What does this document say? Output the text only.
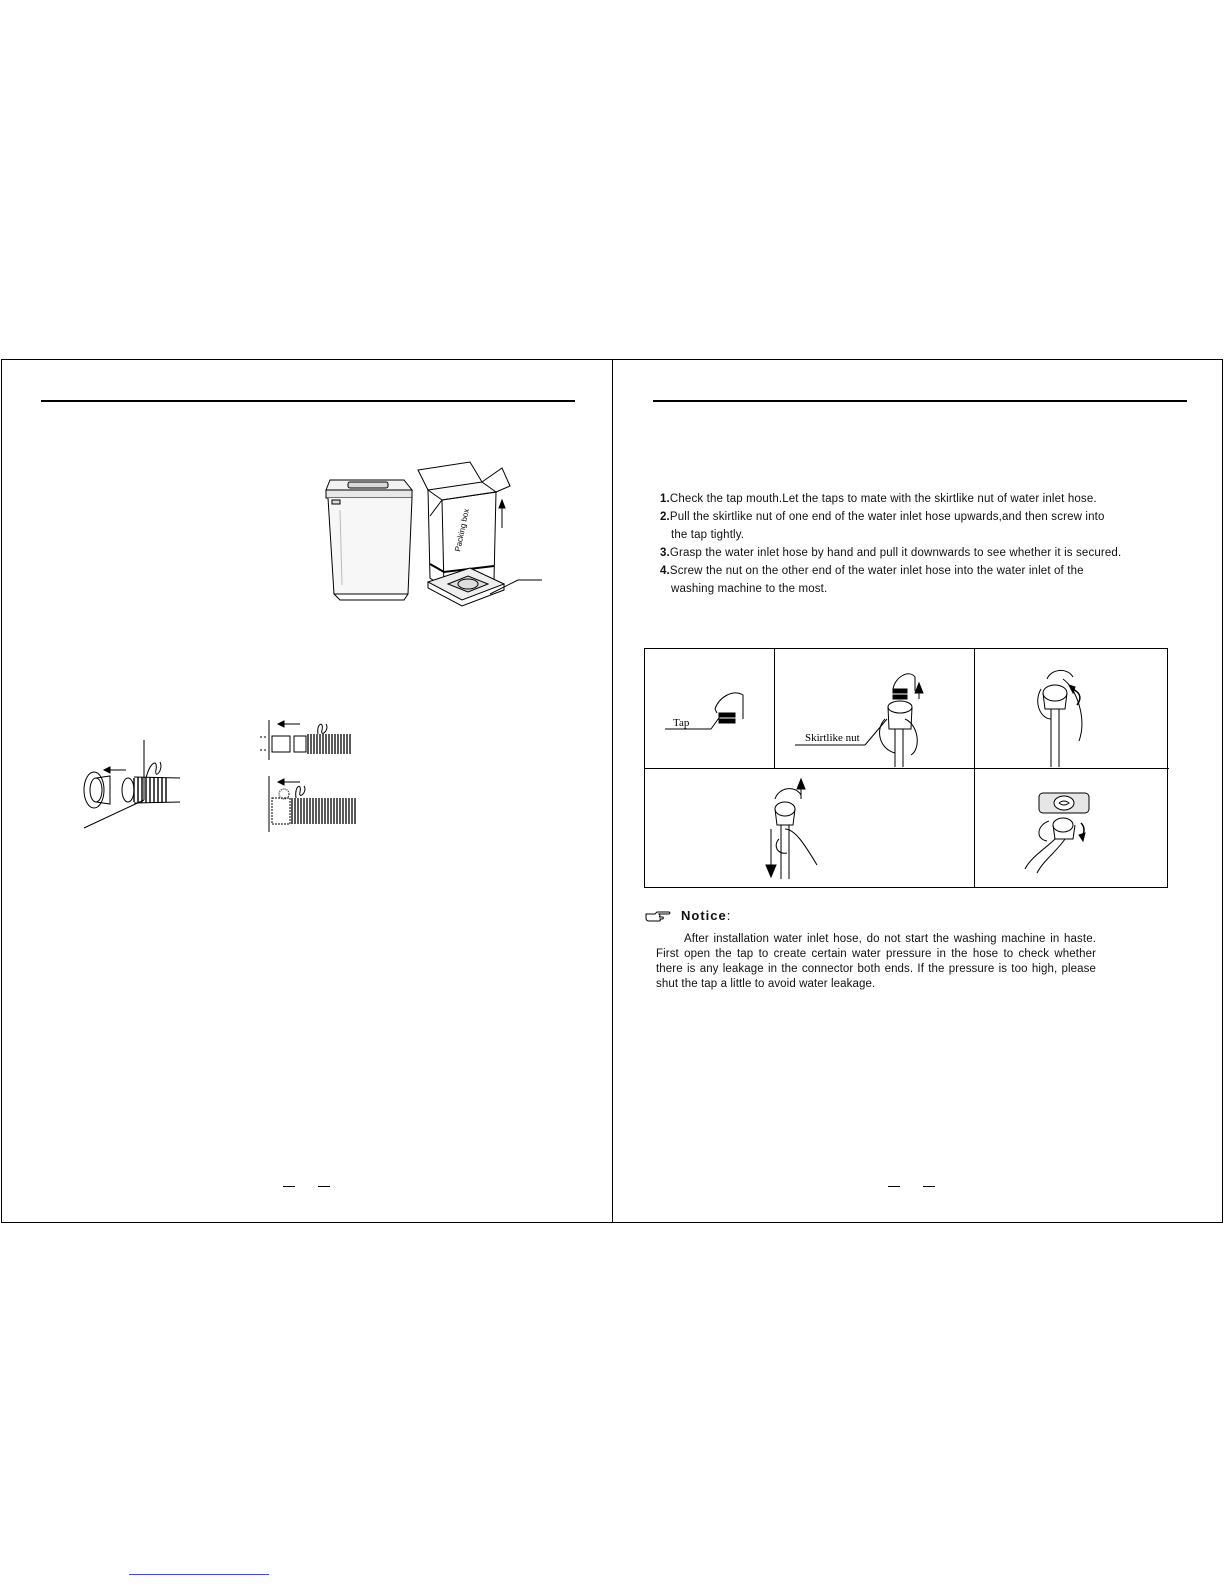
Packing box

1.Check the tap mouth.Let the taps to mate with the skirtlike nut of water inlet hose.

2.Pull the skirtlike nut of one end of the water inlet hose upwards,and then screw into
the tap tightly.

3.Grasp the water inlet hose by hand and pull it downwards to see whether it is secured.

4.Screw the nut on the other end of the water inlet hose into the water inlet of the
washing machine to the most.

Tap
Skirtlike nut
Notice:

After installation water inlet hose, do not start the washing machine in haste. First open the tap to create certain water pressure in the hose to check whether there is any leakage in the connector both ends. If the pressure is too high, please shut the tap a little to avoid water leakage.
